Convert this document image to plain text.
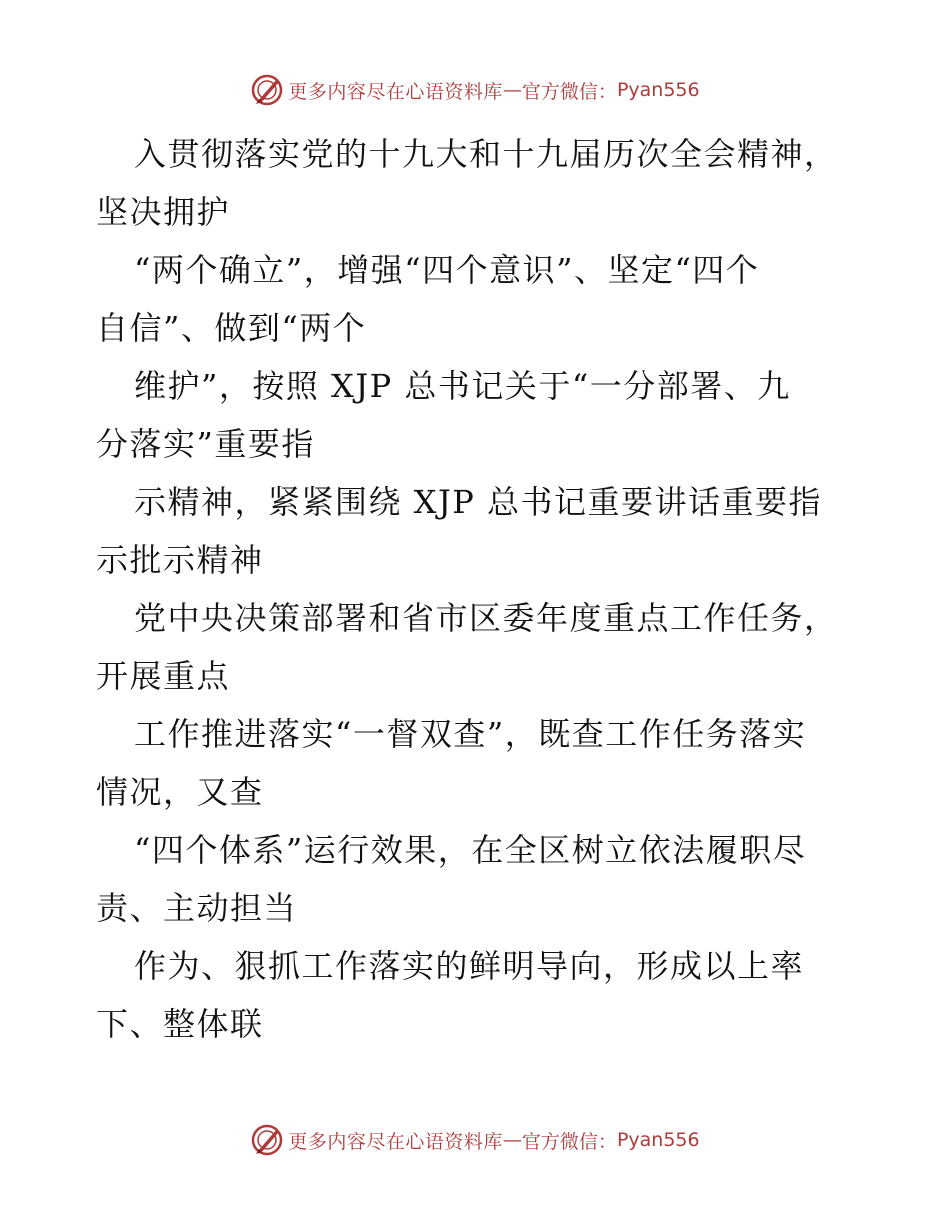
更多内容尽在心语资料库 — 官方微信： Pyan556
入贯彻落实党的十九大和十九届历次全会精神，
坚决拥护
“两个确立”，增强“四个意识”、坚定“四个
自信”、做到“两个
维护”，按照 XJP 总书记关于“一分部署、九
分落实”重要指
示精神，紧紧围绕 XJP 总书记重要讲话重要指
示批示精神
党中央决策部署和省市区委年度重点工作任务，
开展重点
工作推进落实“一督双查”，既查工作任务落实
情况，又查
“四个体系”运行效果，在全区树立依法履职尽
责、主动担当
作为、狠抓工作落实的鲜明导向，形成以上率
下、整体联
更多内容尽在心语资料库 — 官方微信： Pyan556
